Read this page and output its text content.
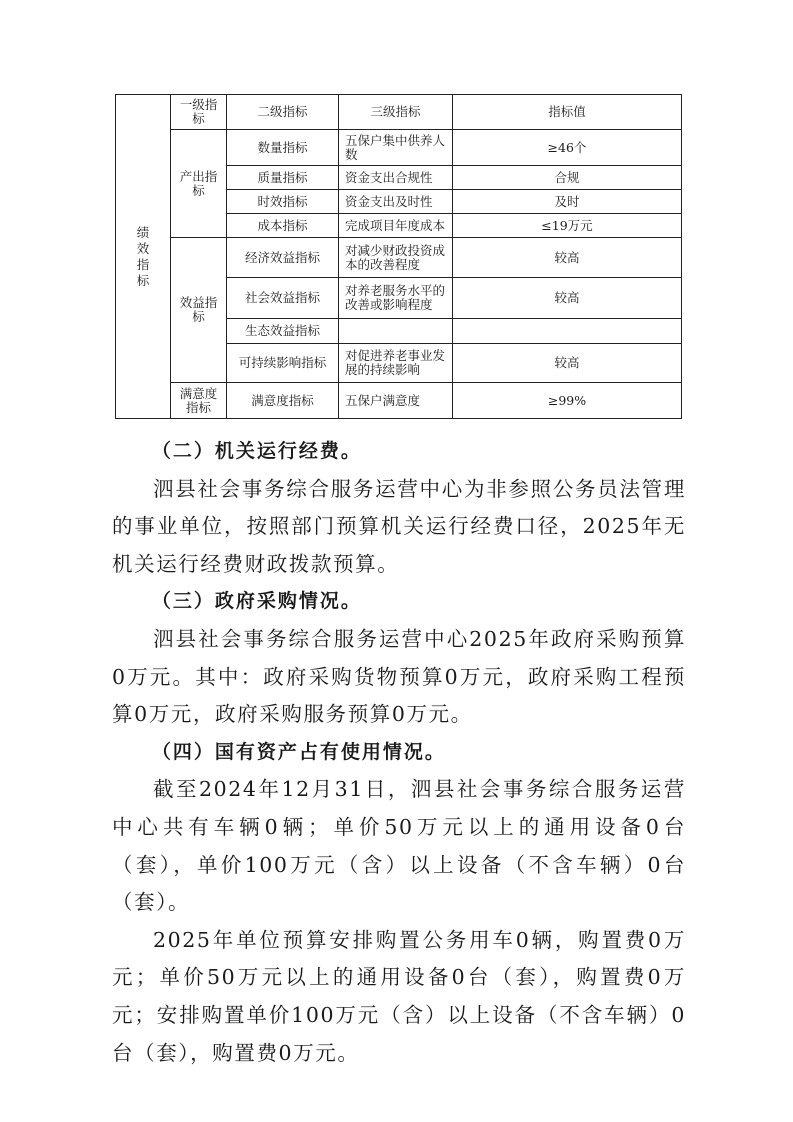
绩效指标	一级指标	二级指标	三级指标	指标值
	产出指标	数量指标	五保户集中供养人数	≥46个
		质量指标	资金支出合规性	合规
		时效指标	资金支出及时性	及时
		成本指标	完成项目年度成本	≤19万元
	效益指标	经济效益指标	对减少财政投资成本的改善程度	较高
		社会效益指标	对养老服务水平的改善或影响程度	较高
		生态效益指标		
		可持续影响指标	对促进养老事业发展的持续影响	较高
	满意度指标	满意度指标	五保户满意度	≥99%

（二）机关运行经费。

泗县社会事务综合服务运营中心为非参照公务员法管理的事业单位，按照部门预算机关运行经费口径，2025年无机关运行经费财政拨款预算。

（三）政府采购情况。

泗县社会事务综合服务运营中心2025年政府采购预算0万元。其中：政府采购货物预算0万元，政府采购工程预算0万元，政府采购服务预算0万元。

（四）国有资产占有使用情况。

截至2024年12月31日，泗县社会事务综合服务运营中心共有车辆0辆；单价50万元以上的通用设备0台（套），单价100万元（含）以上设备（不含车辆）0台（套）。

2025年单位预算安排购置公务用车0辆，购置费0万元；单价50万元以上的通用设备0台（套），购置费0万元；安排购置单价100万元（含）以上设备（不含车辆）0台（套），购置费0万元。
